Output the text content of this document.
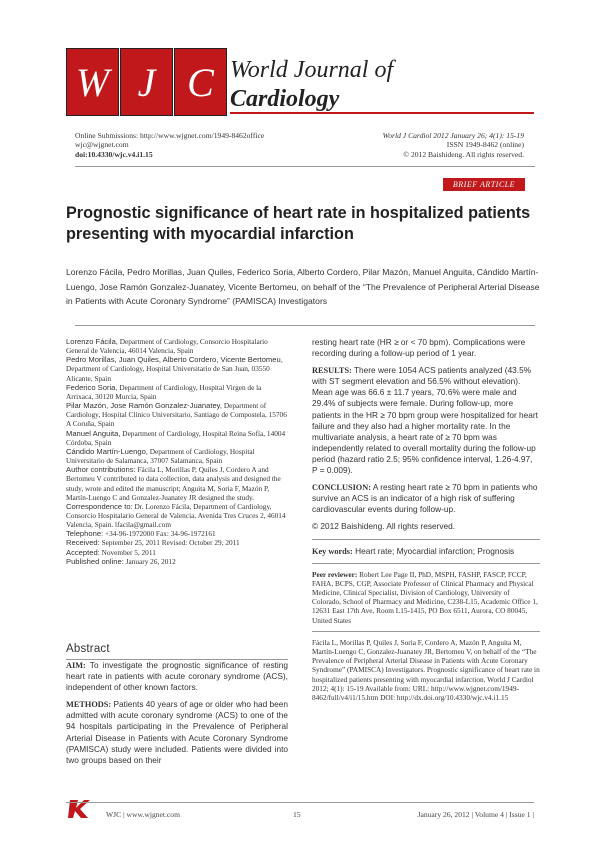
W J C World Journal of
Cardiology
Online Submissions: http://www.wjgnet.com/1949-8462office
wjc@wjgnet.com
doi:10.4330/wjc.v4.i1.15
World J Cardiol 2012 January 26; 4(1): 15-19
ISSN 1949-8462 (online)
© 2012 Baishideng. All rights reserved.
BRIEF ARTICLE
Prognostic significance of heart rate in hospitalized patients presenting with myocardial infarction
Lorenzo Fácila, Pedro Morillas, Juan Quiles, Federico Soria, Alberto Cordero, Pilar Mazón, Manuel Anguita, Cándido Martín-Luengo, Jose Ramón Gonzalez-Juanatey, Vicente Bertomeu, on behalf of the “The Prevalence of Peripheral Arterial Disease in Patients with Acute Coronary Syndrome” (PAMISCA) Investigators

Lorenzo Fácila, Department of Cardiology, Consorcio Hospitalario General de Valencia, 46014 Valencia, Spain

Pedro Morillas, Juan Quiles, Alberto Cordero, Vicente Bertomeu, Department of Cardiology, Hospital Universitario de San Juan, 03550 Alicante, Spain

Federico Soria, Department of Cardiology, Hospital Virgen de la Arrixaca, 30120 Murcia, Spain

Pilar Mazón, Jose Ramón Gonzalez-Juanatey, Department of Cardiology, Hospital Clínico Universitario, Santiago de Compostela, 15706 A Coruña, Spain

Manuel Anguita, Department of Cardiology, Hospital Reina Sofía, 14004 Córdoba, Spain

Cándido Martín-Luengo, Department of Cardiology, Hospital Universitario de Salamanca, 37007 Salamanca, Spain

Author contributions: Fácila L, Morillas P, Quiles J, Cordero A and Bertomeu V contributed to data collection, data analysis and designed the study, wrote and edited the manuscript; Anguita M, Soria F, Mazón P, Martín-Luengo C and Gonzalez-Juanatey JR designed the study.

Correspondence to: Dr. Lorenzo Fácila, Department of Cardiology, Consorcio Hospitalario General de Valencia, Avenida Tres Cruces 2, 46014 Valencia, Spain. lfacila@gmail.com

Telephone: +34-96-1972000 Fax: 34-96-1972161

Received: September 25, 2011 Revised: October 29, 2011

Accepted: November 5, 2011

Published online: January 26, 2012

Abstract

AIM: To investigate the prognostic significance of resting heart rate in patients with acute coronary syndrome (ACS), independent of other known factors.

METHODS: Patients 40 years of age or older who had been admitted with acute coronary syndrome (ACS) to one of the 94 hospitals participating in the Prevalence of Peripheral Arterial Disease in Patients with Acute Coronary Syndrome (PAMISCA) study were included. Patients were divided into two groups based on their

resting heart rate (HR ≥ or < 70 bpm). Complications were recording during a follow-up period of 1 year.

RESULTS: There were 1054 ACS patients analyzed (43.5% with ST segment elevation and 56.5% without elevation). Mean age was 66.6 ± 11.7 years, 70.6% were male and 29.4% of subjects were female. During follow-up, more patients in the HR ≥ 70 bpm group were hospitalized for heart failure and they also had a higher mortality rate. In the multivariate analysis, a heart rate of ≥ 70 bpm was independently related to overall mortality during the follow-up period (hazard ratio 2.5; 95% confidence interval, 1.26-4.97, P = 0.009).

CONCLUSION: A resting heart rate ≥ 70 bpm in patients who survive an ACS is an indicator of a high risk of suffering cardiovascular events during follow-up.

© 2012 Baishideng. All rights reserved.

Key words: Heart rate; Myocardial infarction; Prognosis

Peer reviewer: Robert Lee Page II, PhD, MSPH, FASHP, FASCP, FCCP, FAHA, BCPS, CGP, Associate Professor of Clinical Pharmacy and Physical Medicine, Clinical Specialist, Division of Cardiology, University of Colorado, School of Pharmacy and Medicine, C238-L15, Academic Office 1, 12631 East 17th Ave, Room L15-1415, PO Box 6511, Aurora, CO 80045, United States

Fácila L, Morillas P, Quiles J, Soria F, Cordero A, Mazón P, Anguita M, Martín-Luengo C, Gonzalez-Juanatey JR, Bertomeu V, on behalf of the “The Prevalence of Peripheral Arterial Disease in Patients with Acute Coronary Syndrome” (PAMISCA) Investigators. Prognostic significance of heart rate in hospitalized patients presenting with myocardial infarction. World J Cardiol 2012; 4(1): 15-19 Available from: URL: http://www.wjgnet.com/1949-8462/full/v4/i1/15.htm DOI: http://dx.doi.org/10.4330/wjc.v4.i1.15

WJC | www.wjgnet.com	15	January 26, 2012 | Volume 4 | Issue 1 |
